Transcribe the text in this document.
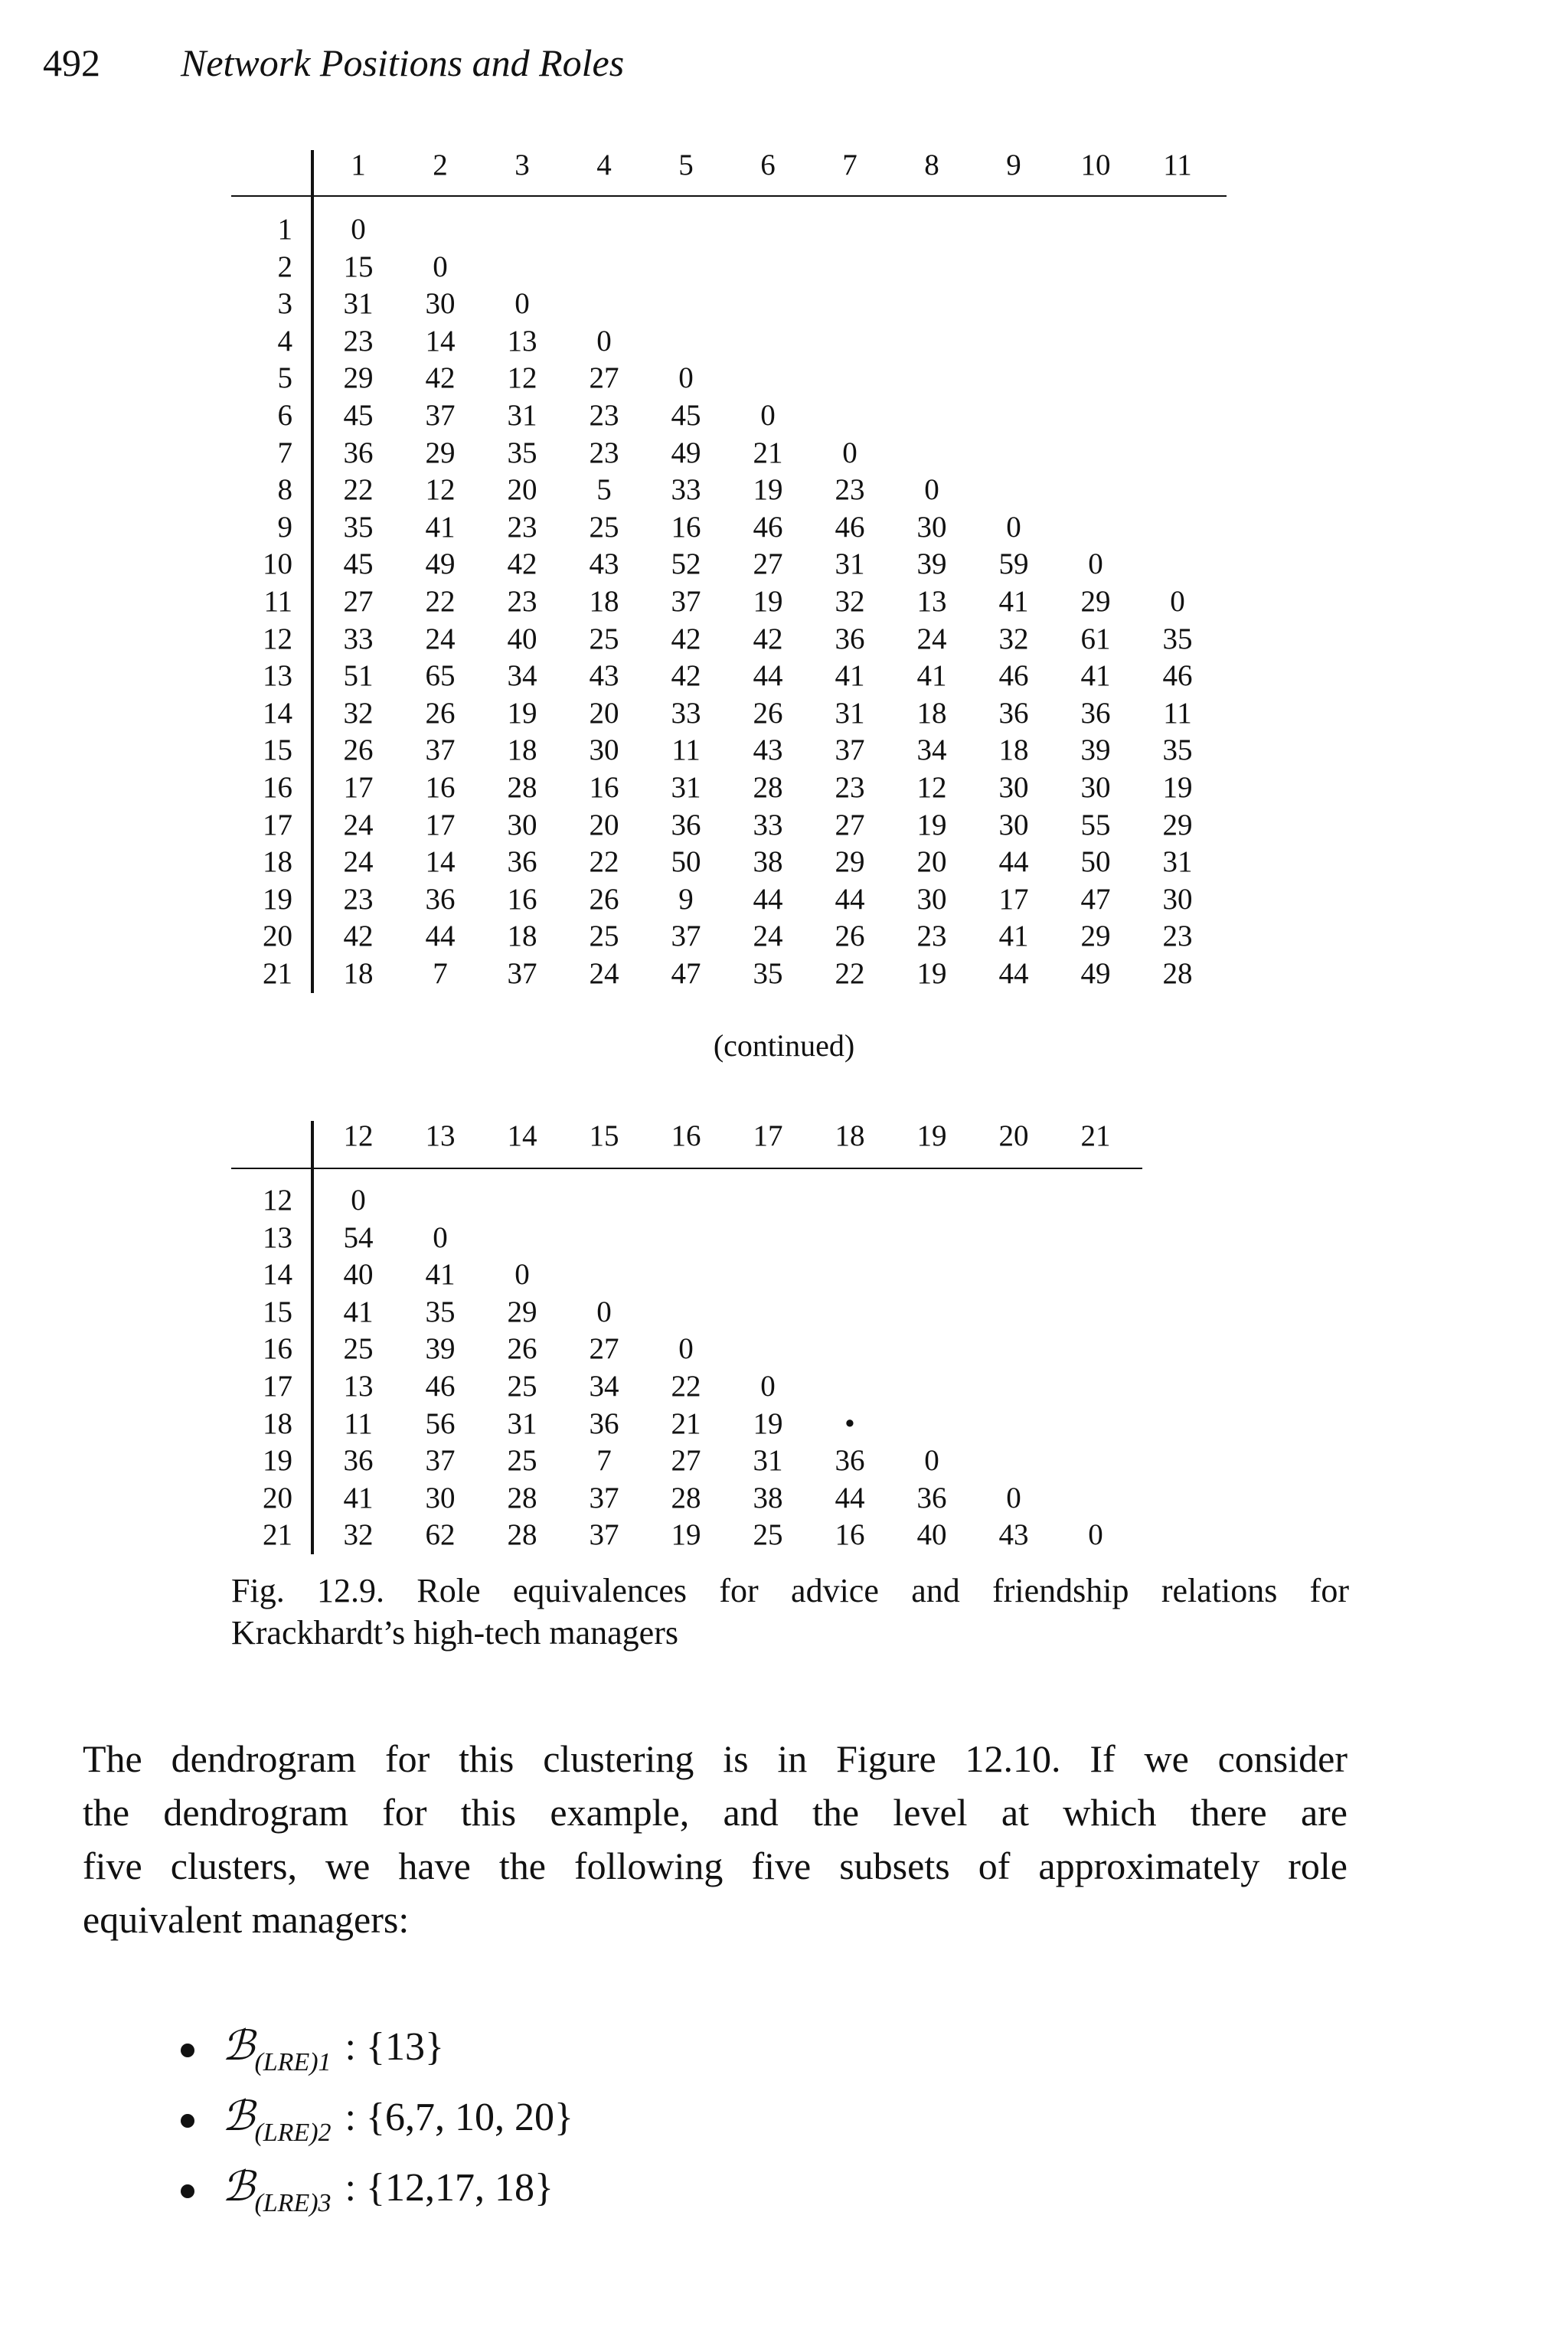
492 Network Positions and Roles
1	2	3	4	5	6	7	8	9	10	11
1	0
2	15	0
3	31	30	0
4	23	14	13	0
5	29	42	12	27	0
6	45	37	31	23	45	0
7	36	29	35	23	49	21	0
8	22	12	20	5	33	19	23	0
9	35	41	23	25	16	46	46	30	0
10	45	49	42	43	52	27	31	39	59	0
11	27	22	23	18	37	19	32	13	41	29	0
12	33	24	40	25	42	42	36	24	32	61	35
13	51	65	34	43	42	44	41	41	46	41	46
14	32	26	19	20	33	26	31	18	36	36	11
15	26	37	18	30	11	43	37	34	18	39	35
16	17	16	28	16	31	28	23	12	30	30	19
17	24	17	30	20	36	33	27	19	30	55	29
18	24	14	36	22	50	38	29	20	44	50	31
19	23	36	16	26	9	44	44	30	17	47	30
20	42	44	18	25	37	24	26	23	41	29	23
21	18	7	37	24	47	35	22	19	44	49	28
(continued)
12	13	14	15	16	17	18	19	20	21
12	0
13	54	0
14	40	41	0
15	41	35	29	0
16	25	39	26	27	0
17	13	46	25	34	22	0
18	11	56	31	36	21	19	•
19	36	37	25	7	27	31	36	0
20	41	30	28	37	28	38	44	36	0
21	32	62	28	37	19	25	16	40	43	0
Fig. 12.9. Role equivalences for advice and friendship relations for
Krackhardt’s high-tech managers
The dendrogram for this clustering is in Figure 12.10. If we consider
the dendrogram for this example, and the level at which there are
five clusters, we have the following five subsets of approximately role
equivalent managers:
ℬ$_{(LRE)1}$ : {13}
ℬ$_{(LRE)2}$ : {6,7, 10, 20}
ℬ$_{(LRE)3}$ : {12,17, 18}
